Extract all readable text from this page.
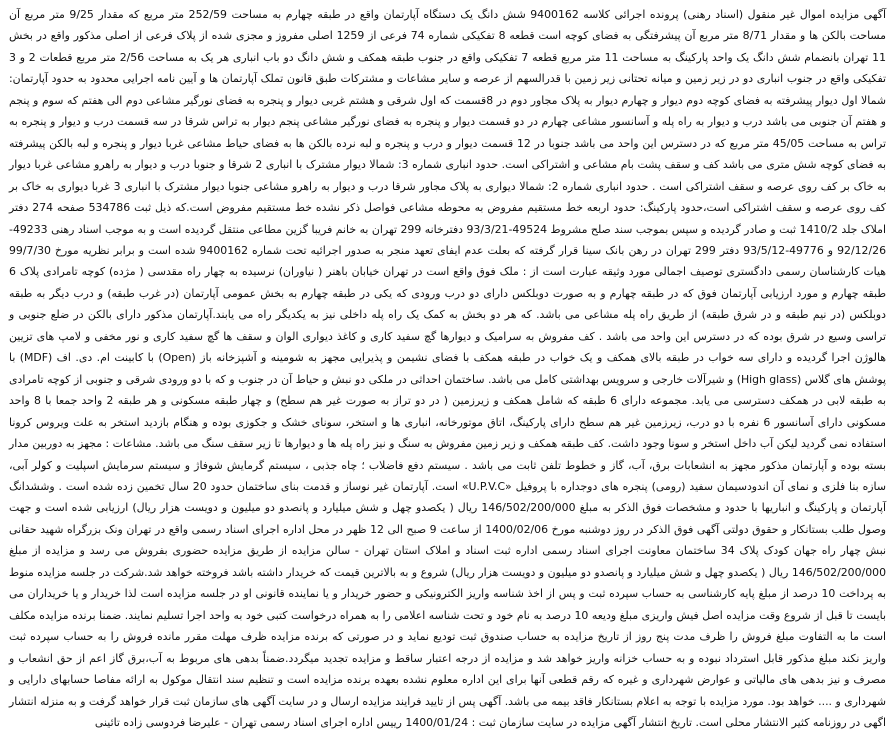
آگهی مزایده اموال غیر منقول (اسناد رهنی) پرونده اجرائی کلاسه 9400162 شش دانگ یک دستگاه آپارتمان واقع در طبقه چهارم به مساحت 252/59 متر مربع که مقدار 9/25 متر مربع آن مساحت بالکن ها و مقدار 8/71 متر مربع آن پیشرفتگی به فضای کوچه است قطعه 8 تفکیکی شماره 74 فرعی از 1259 اصلی مفروز و مجزی شده از پلاک فرعی از اصلی مذکور واقع در بخش 11 تهران بانضمام شش دانگ یک واحد پارکینگ به مساحت 11 متر مربع قطعه 7 تفکیکی واقع در جنوب طبقه همکف و شش دانگ دو باب انباری هر یک به مساحت 2/56 متر مربع قطعات 2 و 3 تفکیکی واقع در جنوب انباری دو در زیر زمین و میانه تحتانی زیر زمین با قدرالسهم از عرصه و سایر مشاعات و مشترکات طبق قانون تملک آپارتمان ها و آیین نامه اجرایی محدود به حدود آپارتمان: شمالا اول دیوار پیشرفته به فضای کوچه دوم دیوار و چهارم دیوار به پلاک مجاور دوم در 8قسمت که اول شرقی و هشتم غربی دیوار و پنجره به فضای نورگیر مشاعی دوم الی هفتم که سوم و پنجم و هفتم آن جنوبی می باشد درب و دیوار به راه پله و آسانسور مشاعی چهارم در دو قسمت دیوار و پنجره به فضای نورگیر مشاعی پنجم دیوار به تراس شرقا در سه قسمت درب و دیوار و پنجره به تراس به مساحت 45/05 متر مربع که در دسترس این واحد می باشد جنوبا در 12 قسمت دیوار و درب و پنجره و لبه نرده بالکن ها به فضای حیاط مشاعی غربا دیوار و پنجره و لبه بالکن پیشرفته به فضای کوچه شش متری می باشد کف و سقف پشت بام مشاعی و اشتراکی است. حدود انباری شماره 3: شمالا دیوار مشترک با انباری 2 شرقا و جنوبا درب و دیوار به راهرو مشاعی غربا دیوار به خاک بر کف روی عرصه و سقف اشتراکی است . حدود انباری شماره 2: شمالا دیواری به پلاک مجاور شرقا درب و دیوار به راهرو مشاعی جنوبا دیوار مشترک با انباری 3 غربا دیواری به خاک بر کف روی عرصه و سقف اشتراکی است،حدود پارکینگ: حدود اربعه خط مستقیم مفروض به محوطه مشاعی فواصل ذکر نشده خط مستقیم مفروض است.که ذیل ثبت 534786 صفحه 274 دفتر املاک جلد 1410/2 ثبت و صادر گردیده و سپس بموجب سند صلح مشروط 49524-93/3/21 دفترخانه 299 تهران به خانم فریبا گزین مطاعی منتقل گردیده است و به موجب اسناد رهنی 49233-92/12/26 و 49776-93/5/12 دفتر 299 تهران در رهن بانک سینا قرار گرفته که بعلت عدم ایفای تعهد منجر به صدور اجرائیه تحت شماره 9400162 شده است و برابر نظریه مورخ 99/7/30 هیات کارشناسان رسمی دادگستری توصیف اجمالی مورد وثیقه عبارت است از : ملک فوق واقع است در تهران خیابان باهنر ( نیاوران) نرسیده به چهار راه مقدسی ( مژده) کوچه تامرادی پلاک 6 طبقه چهارم و مورد ارزیابی آپارتمان فوق که در طبقه چهارم و به صورت دوبلکس دارای دو درب ورودی که یکی در طبقه چهارم به بخش عمومی آپارتمان (در غرب طبقه) و درب دیگر به طبقه دوبلکس (در نیم طبقه و در شرق طبقه) از طریق راه پله مشاعی می باشد. که هر دو بخش به کمک یک راه پله داخلی نیز به یکدیگر راه می یابند.آپارتمان مذکور دارای بالکن در ضلع جنوبی و تراسی وسیع در شرق بوده که در دسترس این واحد می باشد . کف مفروش به سرامیک و دیوارها گچ سفید کاری و کاغذ دیواری الوان و سقف ها گچ سفید کاری و نور مخفی و لامپ های تزیین هالوژن اجرا گردیده و دارای سه خواب در طبقه بالای همکف و یک خواب در طبقه همکف با فضای نشیمن و پذیرایی مجهز به شومینه و آشپزخانه باز (Open) با کابینت ام. دی. اف (MDF) با پوشش های گلاس (High glass) و شیرآلات خارجی و سرویس بهداشتی کامل می باشد. ساختمان احداثی در ملکی دو نبش و حیاط آن در جنوب و که با دو ورودی شرقی و جنوبی از کوچه تامرادی به طبقه لابی در همکف دسترسی می یابد. مجموعه دارای 6 طبقه که شامل همکف و زیرزمین ( در دو تراز به صورت غیر هم سطح) و چهار طبقه مسکونی و هر طبقه 2 واحد جمعا با 8 واحد مسکونی دارای آسانسور 6 نفره با دو درب، زیرزمین غیر هم سطح دارای پارکینگ، اتاق موتورخانه، انباری ها و استخر، سونای خشک و جکوزی بوده و هنگام بازدید استخر به علت ویروس کرونا استفاده نمی گردید لیکن آب داخل استخر و سونا وجود داشت. کف طبقه همکف و زیر زمین مفروش به سنگ و نیز راه پله ها و دیوارها تا زیر سقف سنگ می باشد. مشاعات : مجهز به دوربین مدار بسته بوده و آپارتمان مذکور مجهز به انشعابات برق، آب، گاز و خطوط تلفن ثابت می باشد . سیستم دفع فاضلاب ؛ چاه جذبی ، سیستم گرمایش شوفاژ و سیستم سرمایش اسپلیت و کولر آبی، سازه بنا فلزی و نمای آن اندودسیمان سفید (رومی) پنجره های دوجداره با پروفیل «U.P.V.C» است. آپارتمان غیر نوساز و قدمت بنای ساختمان حدود 20 سال تخمین زده شده است . وششدانگ آپارتمان و پارکینگ و انباریها با حدود و مشخصات فوق الذکر به مبلغ 146/502/200/000 ریال ( یکصدو چهل و شش میلیارد و پانصدو دو میلیون و دویست هزار ریال) ارزیابی شده است و جهت وصول طلب بستانکار و حقوق دولتی آگهی فوق الذکر در روز دوشنبه مورخ 1400/02/06 از ساعت 9 صبح الی 12 ظهر در محل اداره اجرای اسناد رسمی واقع در تهران ونک بزرگراه شهید حقانی نبش چهار راه جهان کودک پلاک 34 ساختمان معاونت اجرای اسناد رسمی اداره ثبت اسناد و املاک استان تهران - سالن مزایده از طریق مزایده حضوری بفروش می رسد و مزایده از مبلغ 146/502/200/000 ریال ( یکصدو چهل و شش میلیارد و پانصدو دو میلیون و دویست هزار ریال) شروع و به بالاترین قیمت که خریدار داشته باشد فروخته خواهد شد.شرکت در جلسه مزایده منوط به پرداخت 10 درصد از مبلغ پایه کارشناسی به حساب سپرده ثبت و پس از اخذ شناسه واریز الکترونیکی و حضور خریدار و یا نماینده قانونی او در جلسه مزایده است لذا خریدار و یا خریداران می بایست تا قبل از شروع وقت مزایده اصل فیش واریزی مبلغ ودیعه 10 درصد به نام خود و تحت شناسه اعلامی را به همراه درخواست کتبی خود به واحد اجرا تسلیم نمایند. ضمنا برنده مزایده مکلف است ما به التفاوت مبلغ فروش را ظرف مدت پنج روز از تاریخ مزایده به حساب صندوق ثبت تودیع نماید و در صورتی که برنده مزایده ظرف مهلت مقرر مانده فروش را به حساب سپرده ثبت واریز نکند مبلغ مذکور قابل استرداد نبوده و به حساب خزانه واریز خواهد شد و مزایده از درجه اعتبار ساقط و مزایده تجدید میگردد.ضمناً بدهی های مربوط به آب،برق گاز اعم از حق انشعاب و مصرف و نیز بدهی های مالیاتی و عوارض شهرداری و غیره که رقم قطعی آنها برای این اداره معلوم نشده بعهده برنده مزایده است و تنظیم سند انتقال موکول به ارائه مفاصا حسابهای دارایی و شهرداری و .... خواهد بود. مورد مزایده با توجه به اعلام بستانکار فاقد بیمه می باشد. آگهی پس از تایید فرایند مزایده ارسال و در سایت آگهی های سازمان ثبت قرار خواهد گرفت و به منزله انتشار اگهی در روزنامه کثیر الانتشار محلی است. تاریخ انتشار آگهی مزایده در سایت سازمان ثبت : 1400/01/24 رییس اداره اجرای اسناد رسمی تهران - علیرضا فردوسی زاده تائینی
